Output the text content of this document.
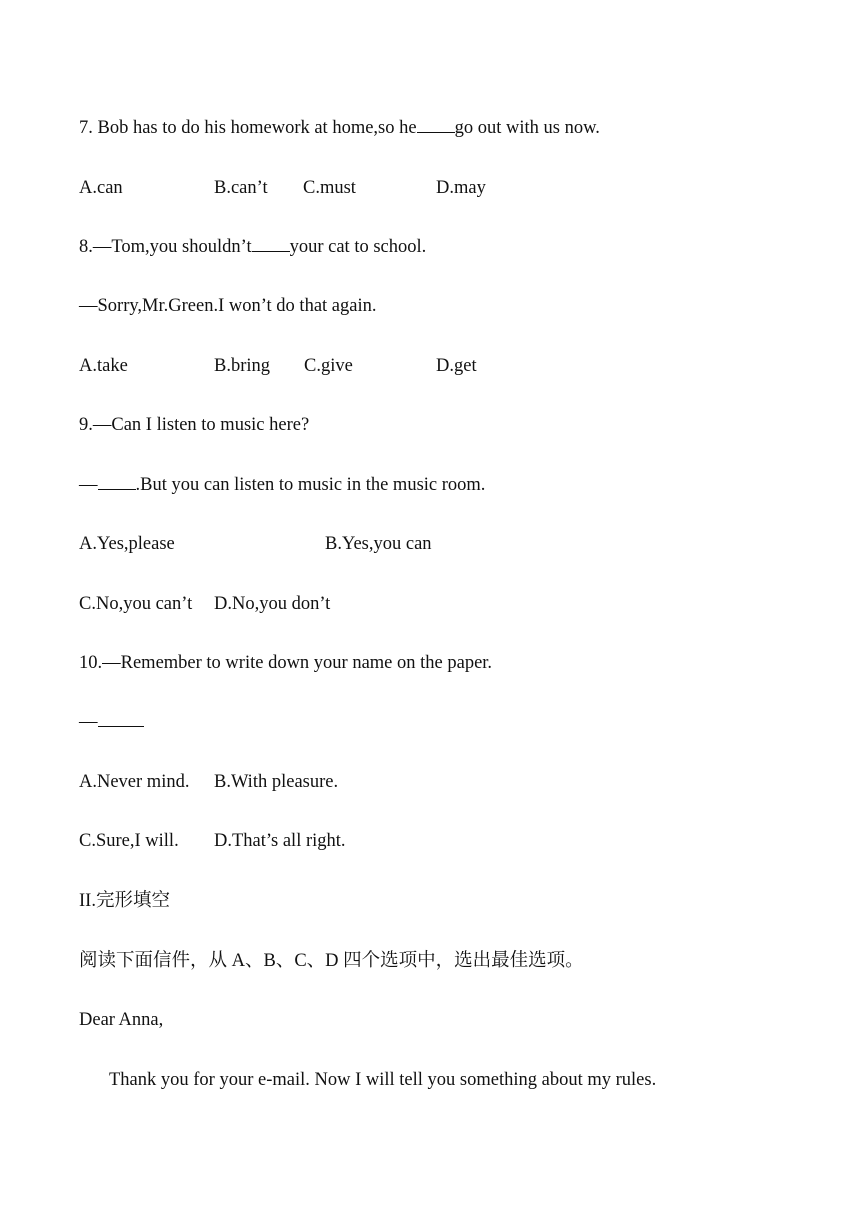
7. Bob has to do his homework at home,so he go out with us now.

A.can

	B.can’t

C.must

	D.may

8.—Tom,you shouldn’t your cat to school.
—Sorry,Mr.Green.I won’t do that again.

A.take

	B.bring

C.give

	D.get

9.—Can I listen to music here?
— .But you can listen to music in the music room.

A.Yes,please

	B.Yes,you can

C.No,you can’t

D.No,you don’t

10.—Remember to write down your name on the paper.
—

A.Never mind.

B.With pleasure.

C.Sure,I will.

D.That’s all right.

II.完形填空
阅读下面信件，从 A、B、C、D 四个选项中，选出最佳选项。
Dear Anna,
Thank you for your e-mail. Now I will tell you something about my rules.
